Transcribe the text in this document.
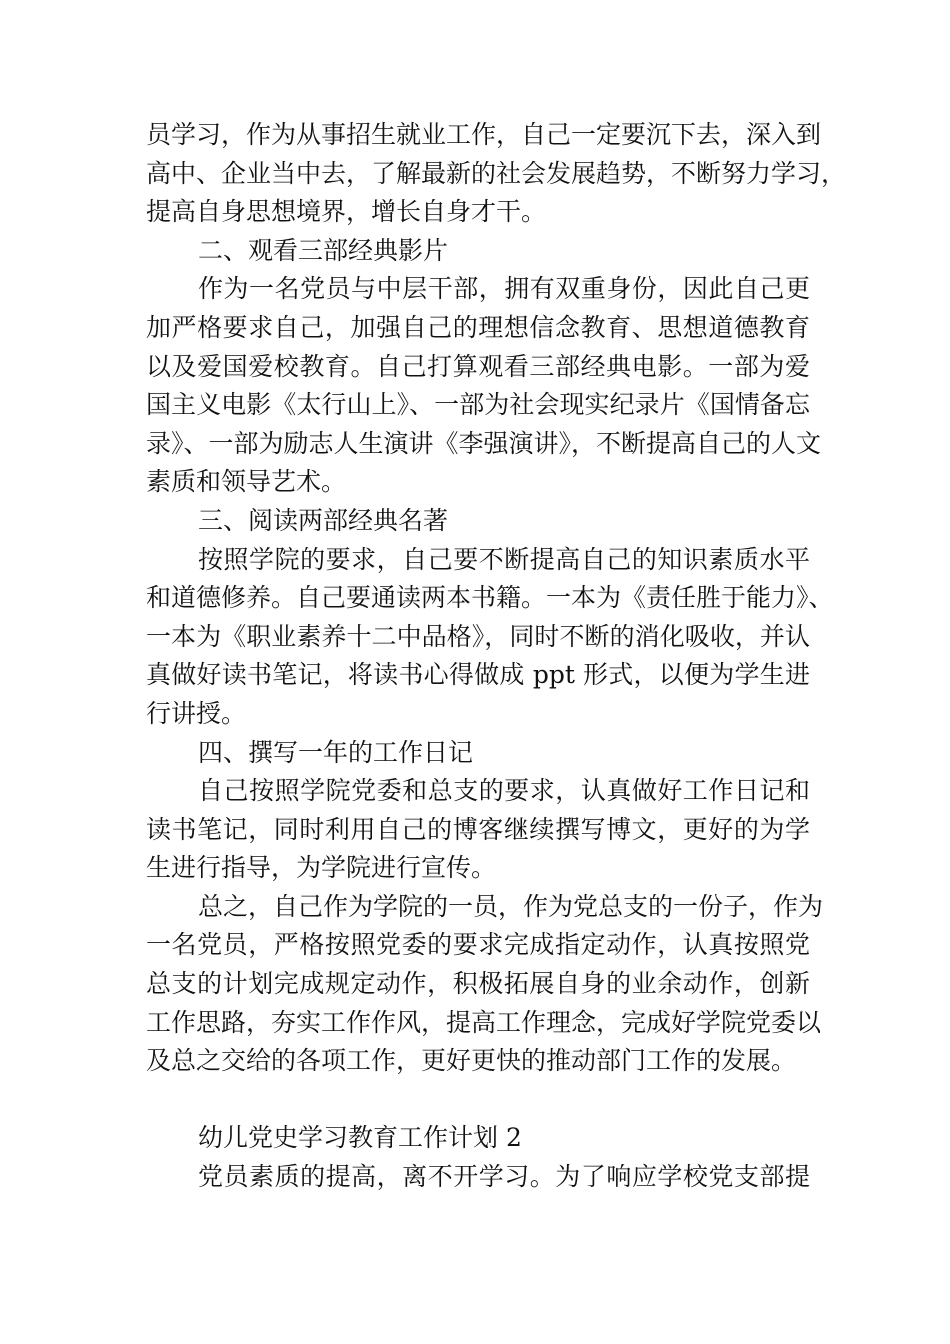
员学习，作为从事招生就业工作，自己一定要沉下去，深入到
高中、企业当中去，了解最新的社会发展趋势，不断努力学习，
提高自身思想境界，增长自身才干。
二、观看三部经典影片
作为一名党员与中层干部，拥有双重身份，因此自己更
加严格要求自己，加强自己的理想信念教育、思想道德教育
以及爱国爱校教育。自己打算观看三部经典电影。一部为爱
国主义电影《太行山上》、一部为社会现实纪录片《国情备忘
录》、一部为励志人生演讲《李强演讲》，不断提高自己的人文
素质和领导艺术。
三、阅读两部经典名著
按照学院的要求，自己要不断提高自己的知识素质水平
和道德修养。自己要通读两本书籍。一本为《责任胜于能力》、
一本为《职业素养十二中品格》，同时不断的消化吸收，并认
真做好读书笔记，将读书心得做成 ppt 形式，以便为学生进
行讲授。
四、撰写一年的工作日记
自己按照学院党委和总支的要求，认真做好工作日记和
读书笔记，同时利用自己的博客继续撰写博文，更好的为学
生进行指导，为学院进行宣传。
总之，自己作为学院的一员，作为党总支的一份子，作为
一名党员，严格按照党委的要求完成指定动作，认真按照党
总支的计划完成规定动作，积极拓展自身的业余动作，创新
工作思路，夯实工作作风，提高工作理念，完成好学院党委以
及总之交给的各项工作，更好更快的推动部门工作的发展。
幼儿党史学习教育工作计划 2
党员素质的提高，离不开学习。为了响应学校党支部提
